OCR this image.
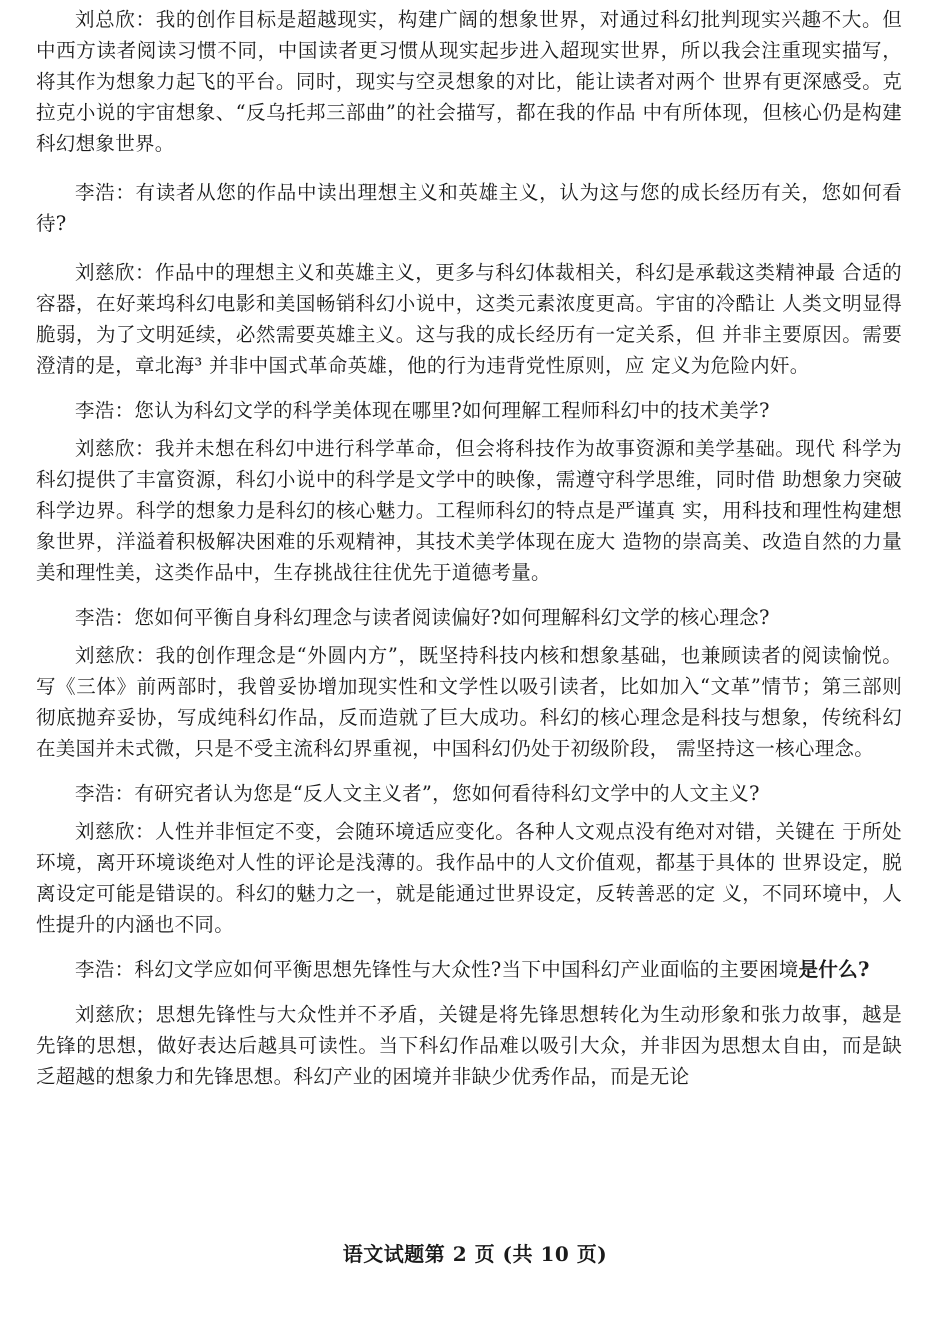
刘总欣：我的创作目标是超越现实，构建广阔的想象世界，对通过科幻批判现实兴趣不大。但中西方读者阅读习惯不同，中国读者更习惯从现实起步进入超现实世界，所以我会注重现实描写，将其作为想象力起飞的平台。同时，现实与空灵想象的对比，能让读者对两个 世界有更深感受。克拉克小说的宇宙想象、“反乌托邦三部曲”的社会描写，都在我的作品 中有所体现，但核心仍是构建科幻想象世界。

李浩：有读者从您的作品中读出理想主义和英雄主义，认为这与您的成长经历有关，您如何看待?

刘慈欣：作品中的理想主义和英雄主义，更多与科幻体裁相关，科幻是承载这类精神最 合适的容器，在好莱坞科幻电影和美国畅销科幻小说中，这类元素浓度更高。宇宙的冷酷让 人类文明显得脆弱，为了文明延续，必然需要英雄主义。这与我的成长经历有一定关系，但 并非主要原因。需要澄清的是，章北海³ 并非中国式革命英雄，他的行为违背党性原则，应 定义为危险内奸。

李浩：您认为科幻文学的科学美体现在哪里?如何理解工程师科幻中的技术美学?

刘慈欣：我并未想在科幻中进行科学革命，但会将科技作为故事资源和美学基础。现代 科学为科幻提供了丰富资源，科幻小说中的科学是文学中的映像，需遵守科学思维，同时借 助想象力突破科学边界。科学的想象力是科幻的核心魅力。工程师科幻的特点是严谨真 实，用科技和理性构建想象世界，洋溢着积极解决困难的乐观精神，其技术美学体现在庞大 造物的崇高美、改造自然的力量美和理性美，这类作品中，生存挑战往往优先于道德考量。

李浩：您如何平衡自身科幻理念与读者阅读偏好?如何理解科幻文学的核心理念?

刘慈欣：我的创作理念是“外圆内方”，既坚持科技内核和想象基础，也兼顾读者的阅读愉悦。写《三体》前两部时，我曾妥协增加现实性和文学性以吸引读者，比如加入“文革”情节；第三部则彻底抛弃妥协，写成纯科幻作品，反而造就了巨大成功。科幻的核心理念是科技与想象，传统科幻在美国并未式微，只是不受主流科幻界重视，中国科幻仍处于初级阶段， 需坚持这一核心理念。

李浩：有研究者认为您是“反人文主义者”，您如何看待科幻文学中的人文主义?

刘慈欣：人性并非恒定不变，会随环境适应变化。各种人文观点没有绝对对错，关键在 于所处环境，离开环境谈绝对人性的评论是浅薄的。我作品中的人文价值观，都基于具体的 世界设定，脱离设定可能是错误的。科幻的魅力之一，就是能通过世界设定，反转善恶的定 义，不同环境中，人性提升的内涵也不同。

李浩：科幻文学应如何平衡思想先锋性与大众性?当下中国科幻产业面临的主要困境是什么?

刘慈欣；思想先锋性与大众性并不矛盾，关键是将先锋思想转化为生动形象和张力故事，越是先锋的思想，做好表达后越具可读性。当下科幻作品难以吸引大众，并非因为思想太自由，而是缺乏超越的想象力和先锋思想。科幻产业的困境并非缺少优秀作品，而是无论

语文试题第 2 页 (共 10 页)
